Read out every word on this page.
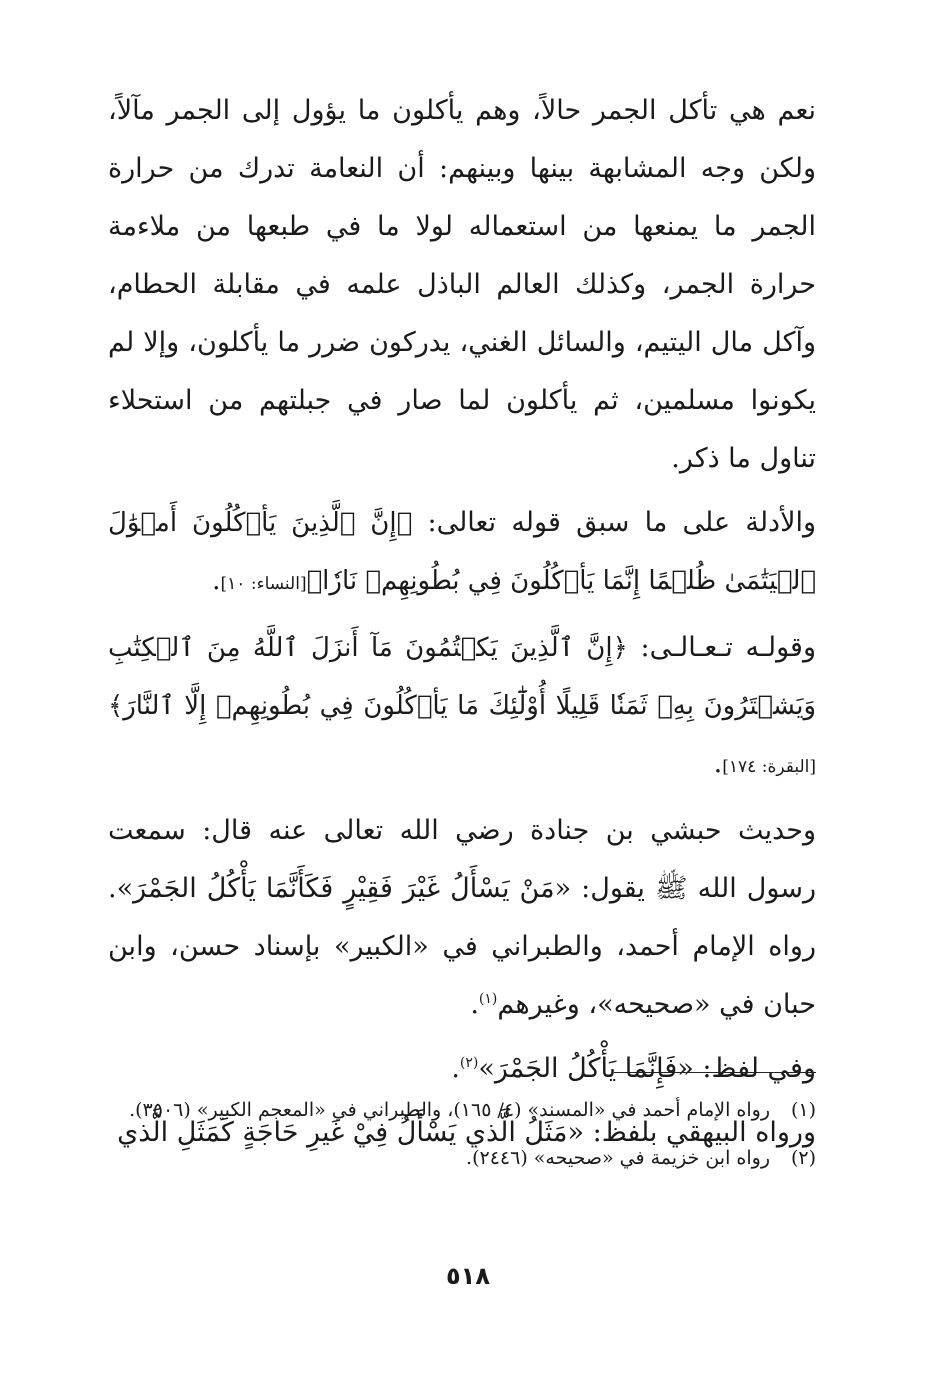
نعم هي تأكل الجمر حالاً، وهم يأكلون ما يؤول إلى الجمر مآلاً، ولكن وجه المشابهة بينها وبينهم: أن النعامة تدرك من حرارة الجمر ما يمنعها من استعماله لولا ما في طبعها من ملاءمة حرارة الجمر، وكذلك العالم الباذل علمه في مقابلة الحطام، وآكل مال اليتيم، والسائل الغني، يدركون ضرر ما يأكلون، وإلا لم يكونوا مسلمين، ثم يأكلون لما صار في جبلتهم من استحلاء تناول ما ذكر.

والأدلة على ما سبق قوله تعالى: ﴿إِنَّ ٱلَّذِينَ يَأۡكُلُونَ أَمۡوَٰلَ ٱلۡيَتَٰمَىٰ ظُلۡمًا إِنَّمَا يَأۡكُلُونَ فِي بُطُونِهِمۡ نَارٗا﴾[النساء: ١٠].

وقولـه تـعـالـى: ﴿إِنَّ ٱلَّذِينَ يَكۡتُمُونَ مَآ أَنزَلَ ٱللَّهُ مِنَ ٱلۡكِتَٰبِ وَيَشۡتَرُونَ بِهِۦ ثَمَنٗا قَلِيلًا أُوْلَٰٓئِكَ مَا يَأۡكُلُونَ فِي بُطُونِهِمۡ إِلَّا ٱلنَّارَ﴾[البقرة: ١٧٤].

وحديث حبشي بن جنادة رضي الله تعالى عنه قال: سمعت رسول الله ﷺ يقول: «مَنْ يَسْأَلُ غَيْرَ فَقِيْرٍ فَكَأَنَّمَا يَأْكُلُ الجَمْرَ». رواه الإمام أحمد، والطبراني في «الكبير» بإسناد حسن، وابن حبان في «صحيحه»، وغيرهم$^{(١)}$.

وفي لفظ: «فَإِنَّمَا يَأْكُلُ الجَمْرَ»$^{(٢)}$.

ورواه البيهقي بلفظ: «مَثَلُ الَّذي يَسْأَلُ فِيْ غَيرِ حَاجَةٍ كَمَثَلِ الَّذي

(١)
رواه الإمام أحمد في «المسند» (٤/ ١٦٥)، والطبراني في «المعجم الكبير» (٣٥٠٦).
(٢)
رواه ابن خزيمة في «صحيحه» (٢٤٤٦).
٥١٨
